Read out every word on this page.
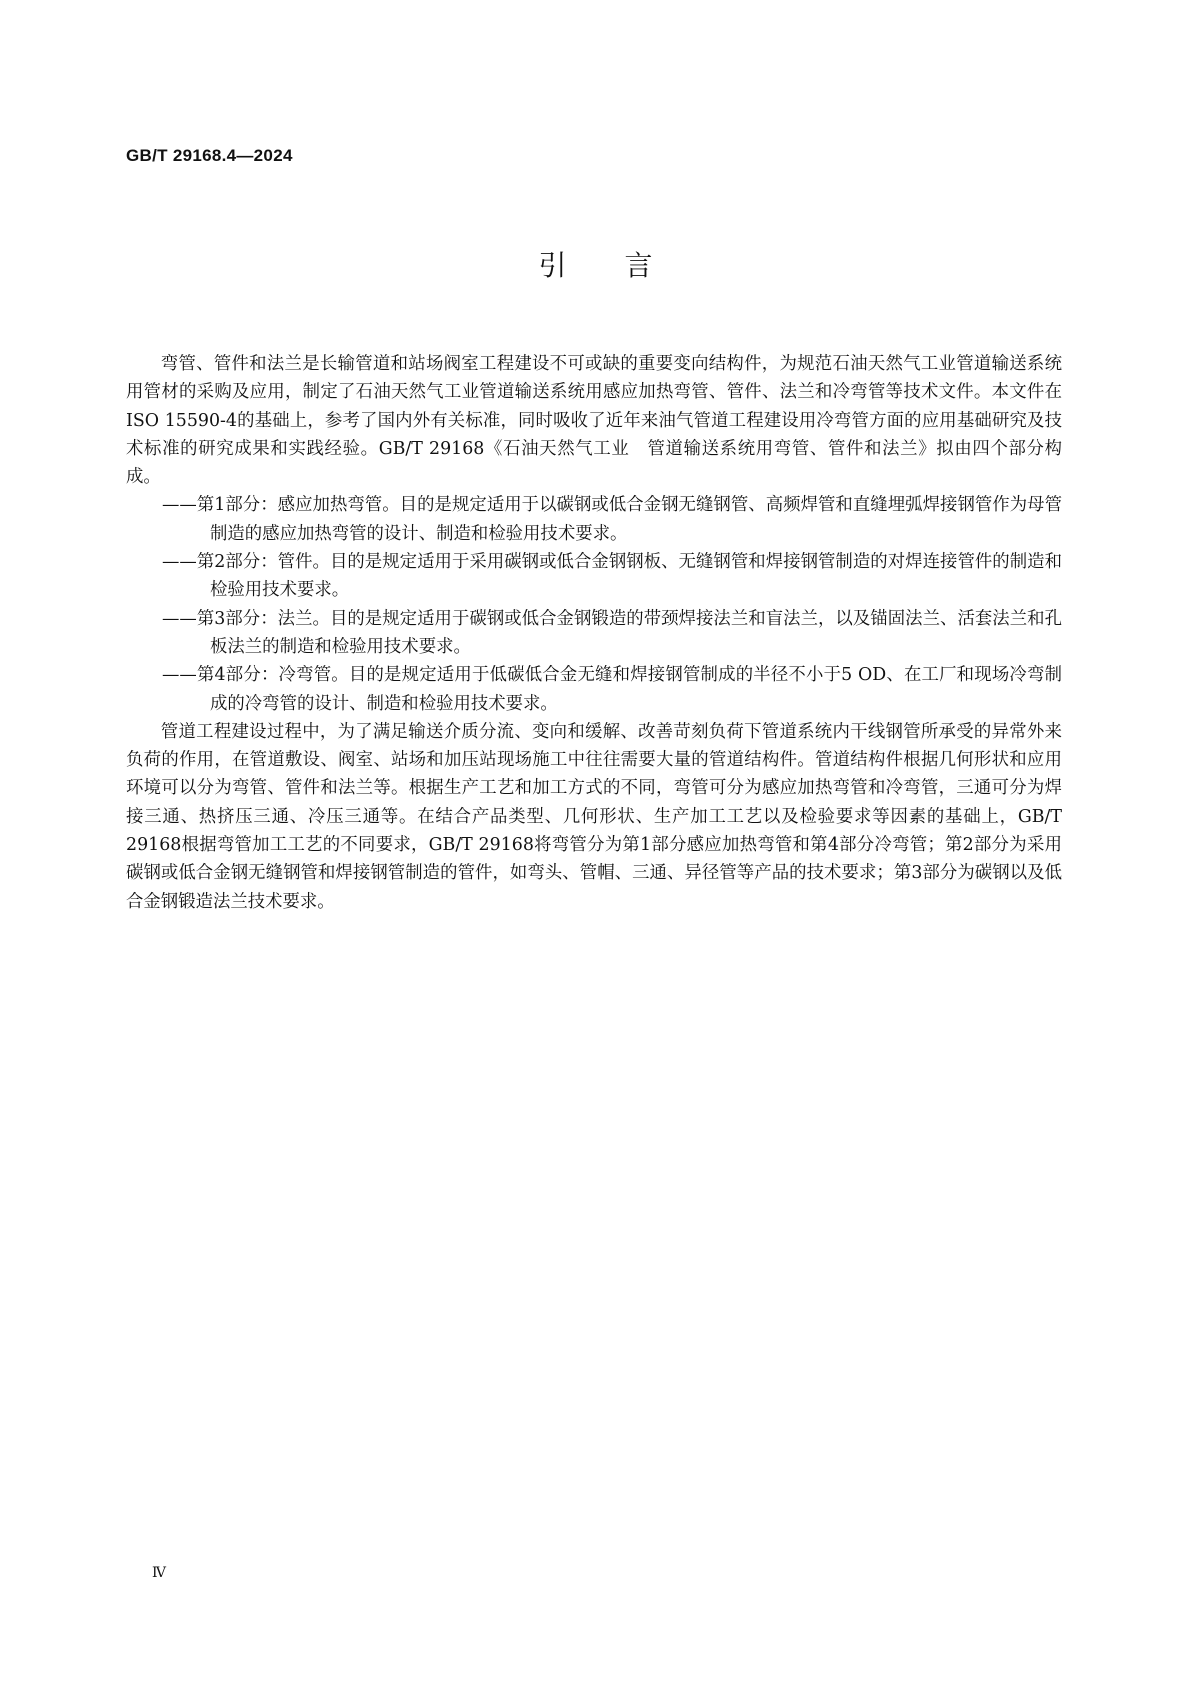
GB/T 29168.4—2024
引言

弯管、管件和法兰是长输管道和站场阀室工程建设不可或缺的重要变向结构件，为规范石油天然气工业管道输送系统用管材的采购及应用，制定了石油天然气工业管道输送系统用感应加热弯管、管件、法兰和冷弯管等技术文件。本文件在ISO 15590-4的基础上，参考了国内外有关标准，同时吸收了近年来油气管道工程建设用冷弯管方面的应用基础研究及技术标准的研究成果和实践经验。GB/T 29168《石油天然气工业　管道输送系统用弯管、管件和法兰》拟由四个部分构成。

——第1部分：感应加热弯管。目的是规定适用于以碳钢或低合金钢无缝钢管、高频焊管和直缝埋弧焊接钢管作为母管制造的感应加热弯管的设计、制造和检验用技术要求。

——第2部分：管件。目的是规定适用于采用碳钢或低合金钢钢板、无缝钢管和焊接钢管制造的对焊连接管件的制造和检验用技术要求。

——第3部分：法兰。目的是规定适用于碳钢或低合金钢锻造的带颈焊接法兰和盲法兰，以及锚固法兰、活套法兰和孔板法兰的制造和检验用技术要求。

——第4部分：冷弯管。目的是规定适用于低碳低合金无缝和焊接钢管制成的半径不小于5 OD、在工厂和现场冷弯制成的冷弯管的设计、制造和检验用技术要求。

管道工程建设过程中，为了满足输送介质分流、变向和缓解、改善苛刻负荷下管道系统内干线钢管所承受的异常外来负荷的作用，在管道敷设、阀室、站场和加压站现场施工中往往需要大量的管道结构件。管道结构件根据几何形状和应用环境可以分为弯管、管件和法兰等。根据生产工艺和加工方式的不同，弯管可分为感应加热弯管和冷弯管，三通可分为焊接三通、热挤压三通、冷压三通等。在结合产品类型、几何形状、生产加工工艺以及检验要求等因素的基础上，GB/T 29168根据弯管加工工艺的不同要求，GB/T 29168将弯管分为第1部分感应加热弯管和第4部分冷弯管；第2部分为采用碳钢或低合金钢无缝钢管和焊接钢管制造的管件，如弯头、管帽、三通、异径管等产品的技术要求；第3部分为碳钢以及低合金钢锻造法兰技术要求。

Ⅳ
